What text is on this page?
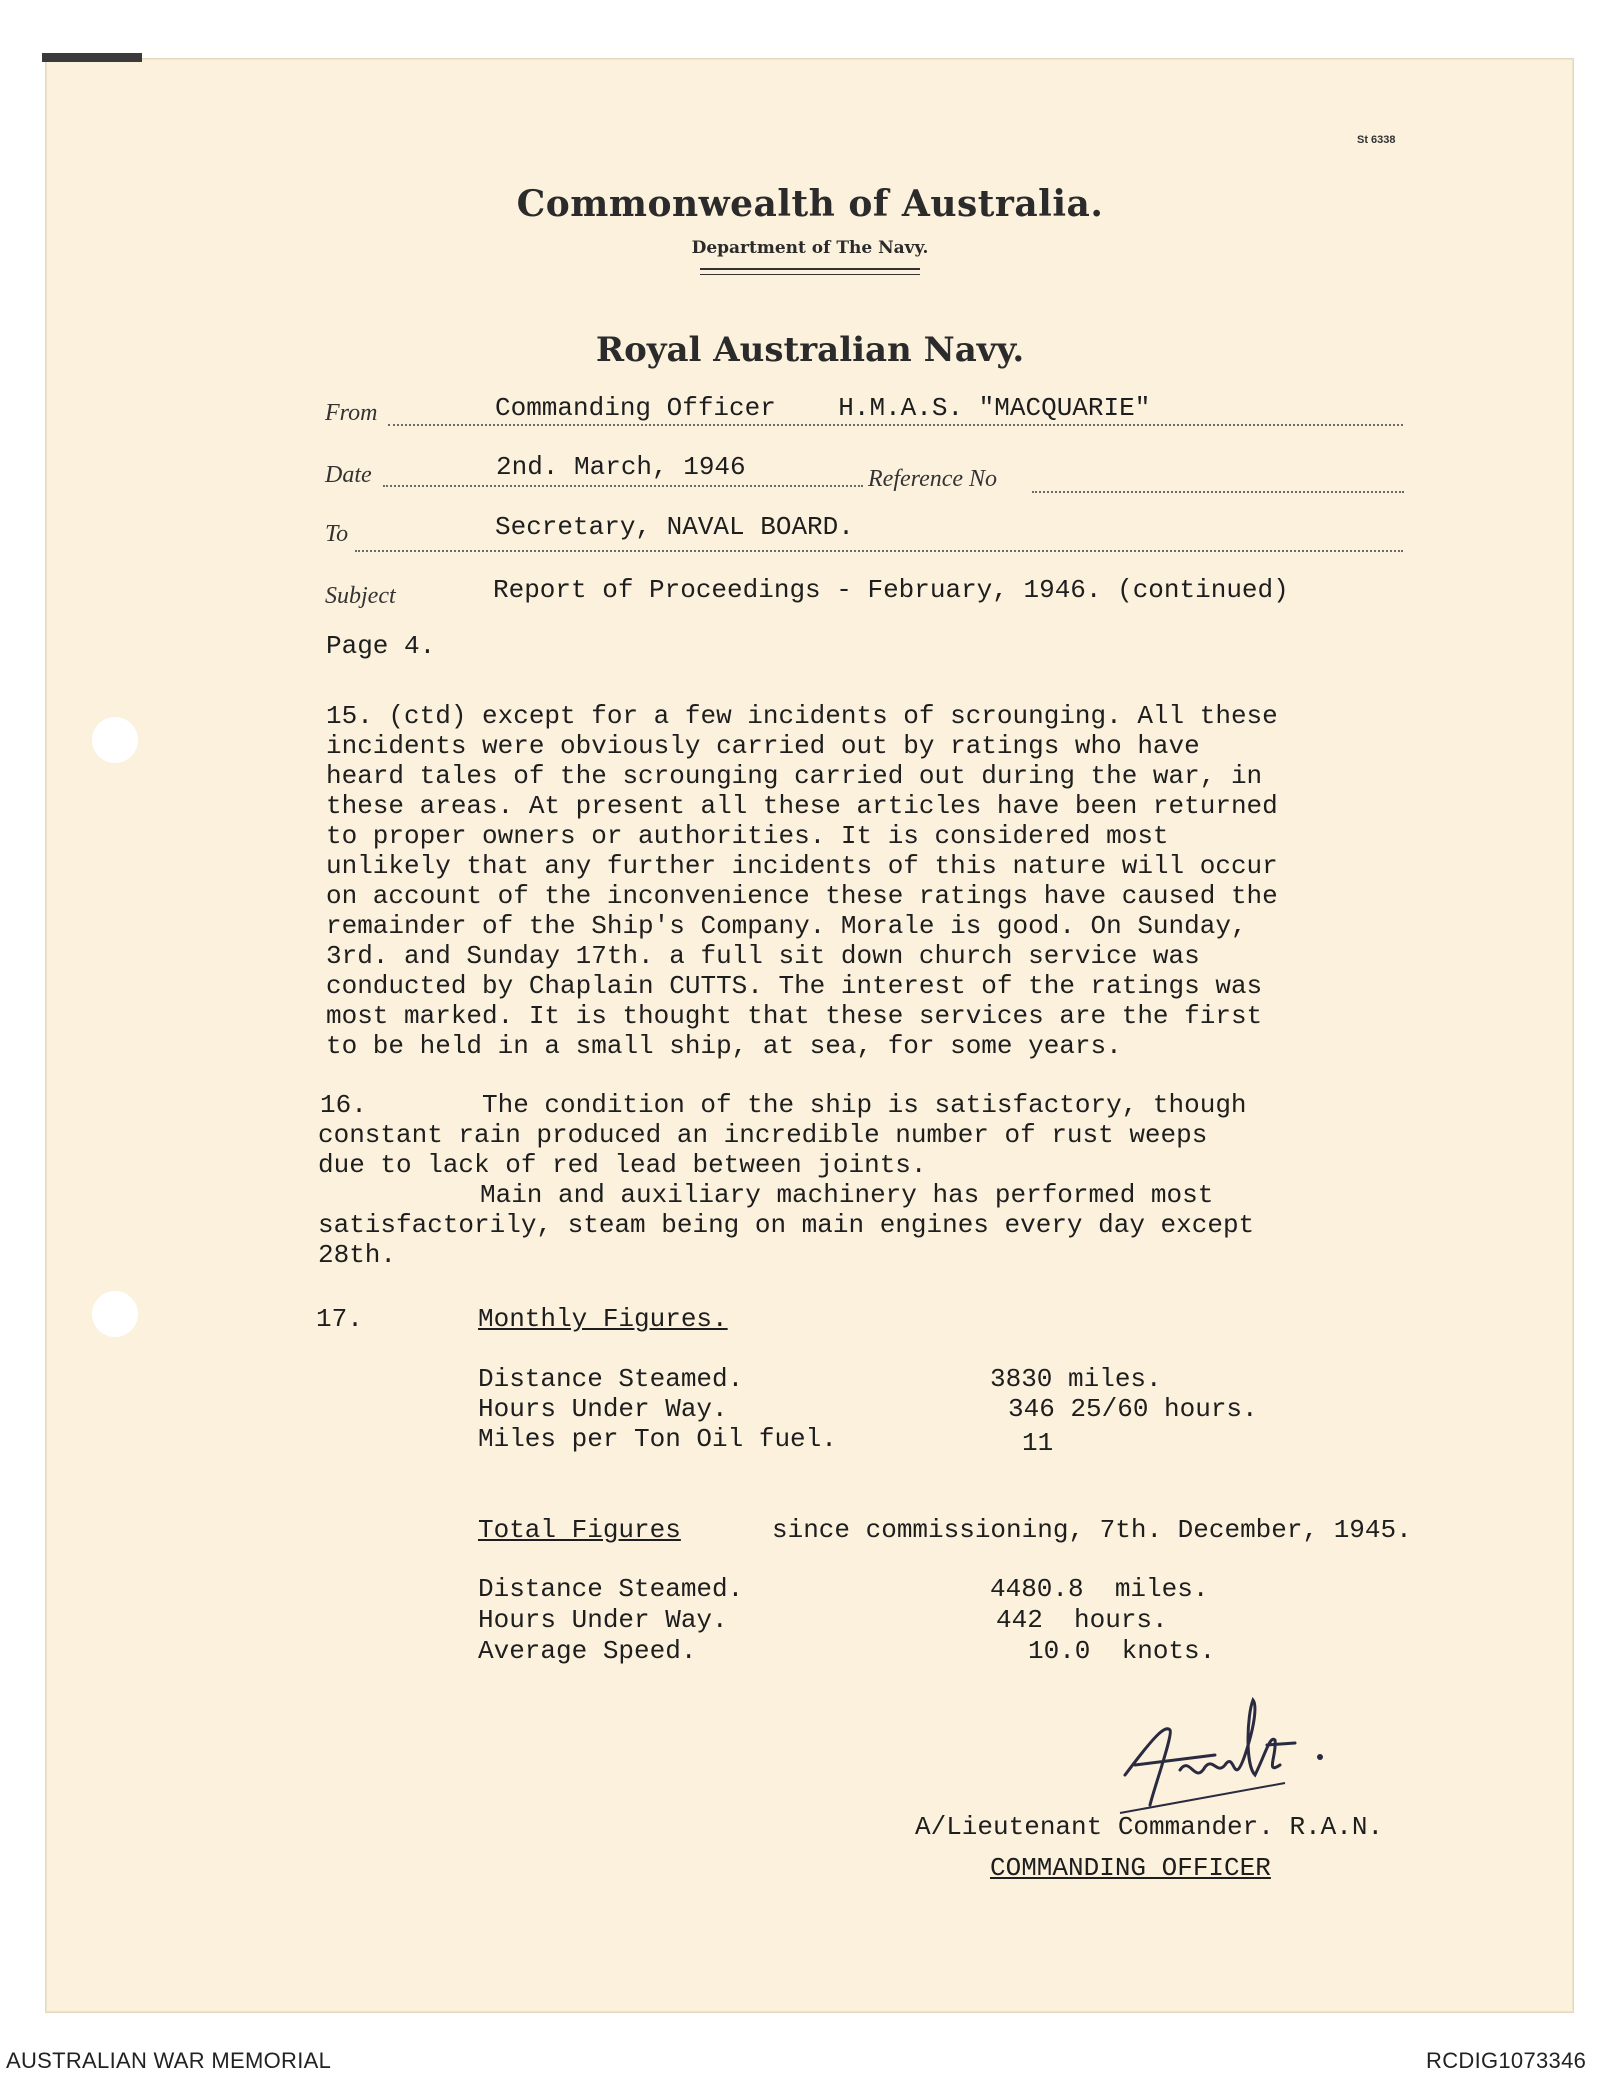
St 6338
Commonwealth of Australia.
Department of The Navy.
Royal Australian Navy.
From	Commanding Officer    H.M.A.S. "MACQUARIE"
Date	2nd. March, 1946	Reference No
To	Secretary, NAVAL BOARD.
Subject	Report of Proceedings - February, 1946. (continued)
Page 4.
15. (ctd) except for a few incidents of scrounging. All these
incidents were obviously carried out by ratings who have
heard tales of the scrounging carried out during the war, in
these areas. At present all these articles have been returned
to proper owners or authorities. It is considered most
unlikely that any further incidents of this nature will occur
on account of the inconvenience these ratings have caused the
remainder of the Ship's Company. Morale is good. On Sunday,
3rd. and Sunday 17th. a full sit down church service was
conducted by Chaplain CUTTS. The interest of the ratings was
most marked. It is thought that these services are the first
to be held in a small ship, at sea, for some years.
16.	The condition of the ship is satisfactory, though
constant rain produced an incredible number of rust weeps
due to lack of red lead between joints.
Main and auxiliary machinery has performed most
satisfactorily, steam being on main engines every day except
28th.
17.	Monthly Figures.
Distance Steamed.	3830 miles.
Hours Under Way.	346 25/60 hours.
Miles per Ton Oil fuel.	11
Total Figures	since commissioning, 7th. December, 1945.
Distance Steamed.	4480.8  miles.
Hours Under Way.	442  hours.
Average Speed.	10.0  knots.
A/Lieutenant Commander. R.A.N.
COMMANDING OFFICER
AUSTRALIAN WAR MEMORIAL	RCDIG1073346
